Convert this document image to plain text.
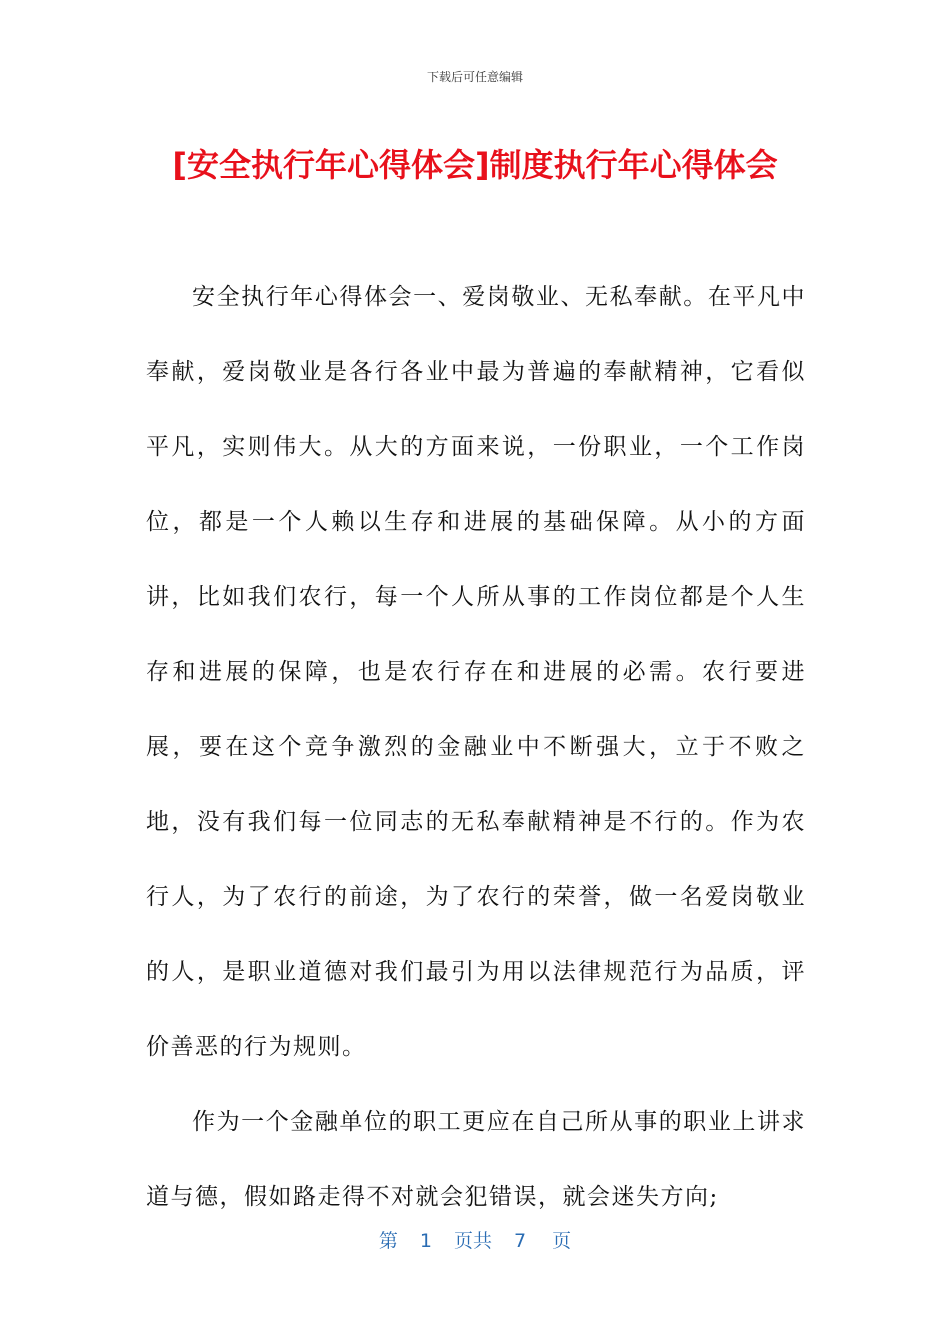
下载后可任意编辑
[安全执行年心得体会]制度执行年心得体会

安全执行年心得体会一、爱岗敬业、无私奉献。在平凡中奉献，爱岗敬业是各行各业中最为普遍的奉献精神，它看似平凡，实则伟大。从大的方面来说，一份职业，一个工作岗位，都是一个人赖以生存和进展的基础保障。从小的方面讲，比如我们农行，每一个人所从事的工作岗位都是个人生存和进展的保障，也是农行存在和进展的必需。农行要进展，要在这个竞争激烈的金融业中不断强大，立于不败之地，没有我们每一位同志的无私奉献精神是不行的。作为农行人，为了农行的前途，为了农行的荣誉，做一名爱岗敬业的人，是职业道德对我们最引为用以法律规范行为品质，评价善恶的行为规则。

作为一个金融单位的职工更应在自己所从事的职业上讲求道与德，假如路走得不对就会犯错误，就会迷失方向;

第 1 页共 7 页
